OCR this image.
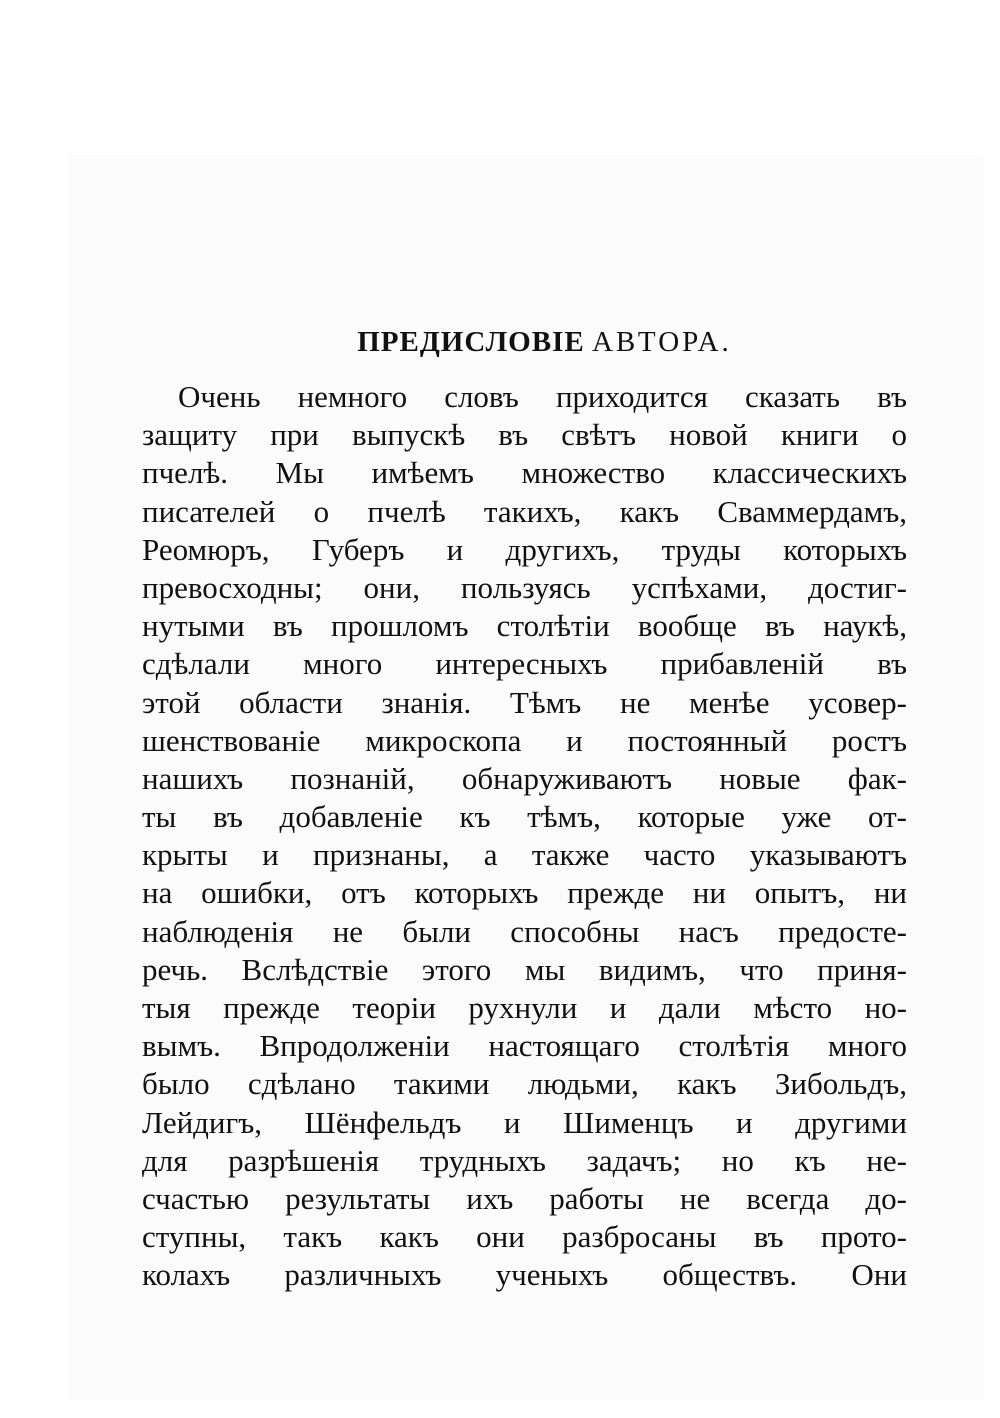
ПРЕДИСЛОВІЕ АВТОРА.
Очень немного словъ приходится сказать въ
защиту при выпускѣ въ свѣтъ новой книги о
пчелѣ. Мы имѣемъ множество классическихъ
писателей о пчелѣ такихъ, какъ Сваммердамъ,
Реомюръ, Губеръ и другихъ, труды которыхъ
превосходны; они, пользуясь успѣхами, достиг-
нутыми въ прошломъ столѣтіи вообще въ наукѣ,
сдѣлали много интересныхъ прибавленій въ
этой области знанія. Тѣмъ не менѣе усовер-
шенствованіе микроскопа и постоянный ростъ
нашихъ познаній, обнаруживаютъ новые фак-
ты въ добавленіе къ тѣмъ, которые уже от-
крыты и признаны, а также часто указываютъ
на ошибки, отъ которыхъ прежде ни опытъ, ни
наблюденія не были способны насъ предосте-
речь. Вслѣдствіе этого мы видимъ, что приня-
тыя прежде теоріи рухнули и дали мѣсто но-
вымъ. Впродолженіи настоящаго столѣтія много
было сдѣлано такими людьми, какъ Зибольдъ,
Лейдигъ, Шёнфельдъ и Шименцъ и другими
для разрѣшенія трудныхъ задачъ; но къ не-
счастью результаты ихъ работы не всегда до-
ступны, такъ какъ они разбросаны въ прото-
колахъ различныхъ ученыхъ обществъ. Они
